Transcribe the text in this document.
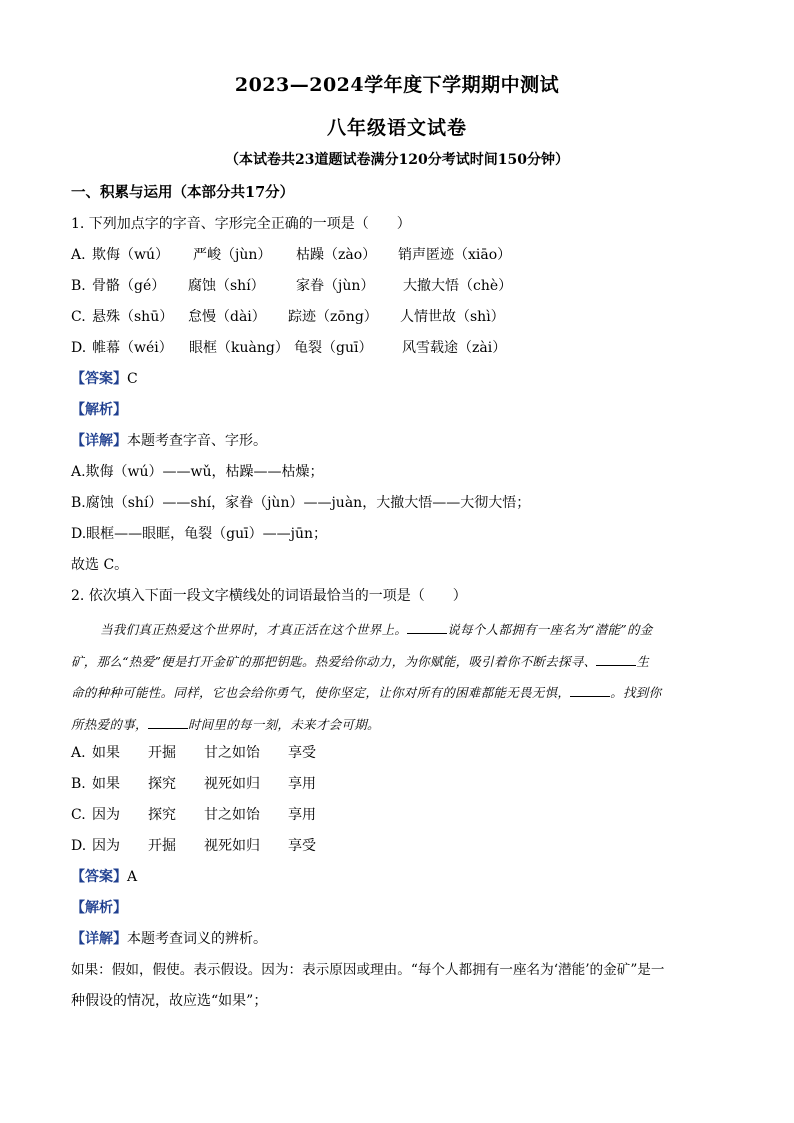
2023—2024学年度下学期期中测试
八年级语文试卷
（本试卷共23道题试卷满分120分考试时间150分钟）
一、积累与运用（本部分共17分）
1. 下列加点字的字音、字形完全正确的一项是（　　）
A. 欺侮（wú） 严峻（jùn） 枯躁（zào） 销声匿迹（xiāo）
B. 骨骼（gé） 腐蚀（shí） 家眷（jùn） 大撤大悟（chè）
C. 悬殊（shū） 怠慢（dài） 踪迹（zōng） 人情世故（shì）
D. 帷幕（wéi） 眼框（kuàng） 龟裂（guī） 风雪载途（zài）
【答案】C
【解析】
【详解】本题考查字音、字形。
A.欺侮（wú）——wǔ，枯躁——枯燥；
B.腐蚀（shí）——shí，家眷（jùn）——juàn，大撤大悟——大彻大悟；
D.眼框——眼眶，龟裂（guī）——jūn；
故选 C。
2. 依次填入下面一段文字横线处的词语最恰当的一项是（　　）
当我们真正热爱这个世界时，才真正活在这个世界上。	说每个人都拥有一座名为“潜能”的金
矿，那么“热爱”便是打开金矿的那把钥匙。热爱给你动力，为你赋能，吸引着你不断去探寻、	生
命的种种可能性。同样，它也会给你勇气，使你坚定，让你对所有的困难都能无畏无惧，	。找到你
所热爱的事，	时间里的每一刻，未来才会可期。
A. 如果 开掘 甘之如饴 享受
B. 如果 探究 视死如归 享用
C. 因为 探究 甘之如饴 享用
D. 因为 开掘 视死如归 享受
【答案】A
【解析】
【详解】本题考查词义的辨析。
如果：假如，假使。表示假设。因为：表示原因或理由。“每个人都拥有一座名为‘潜能’的金矿”是一
种假设的情况，故应选“如果”；
